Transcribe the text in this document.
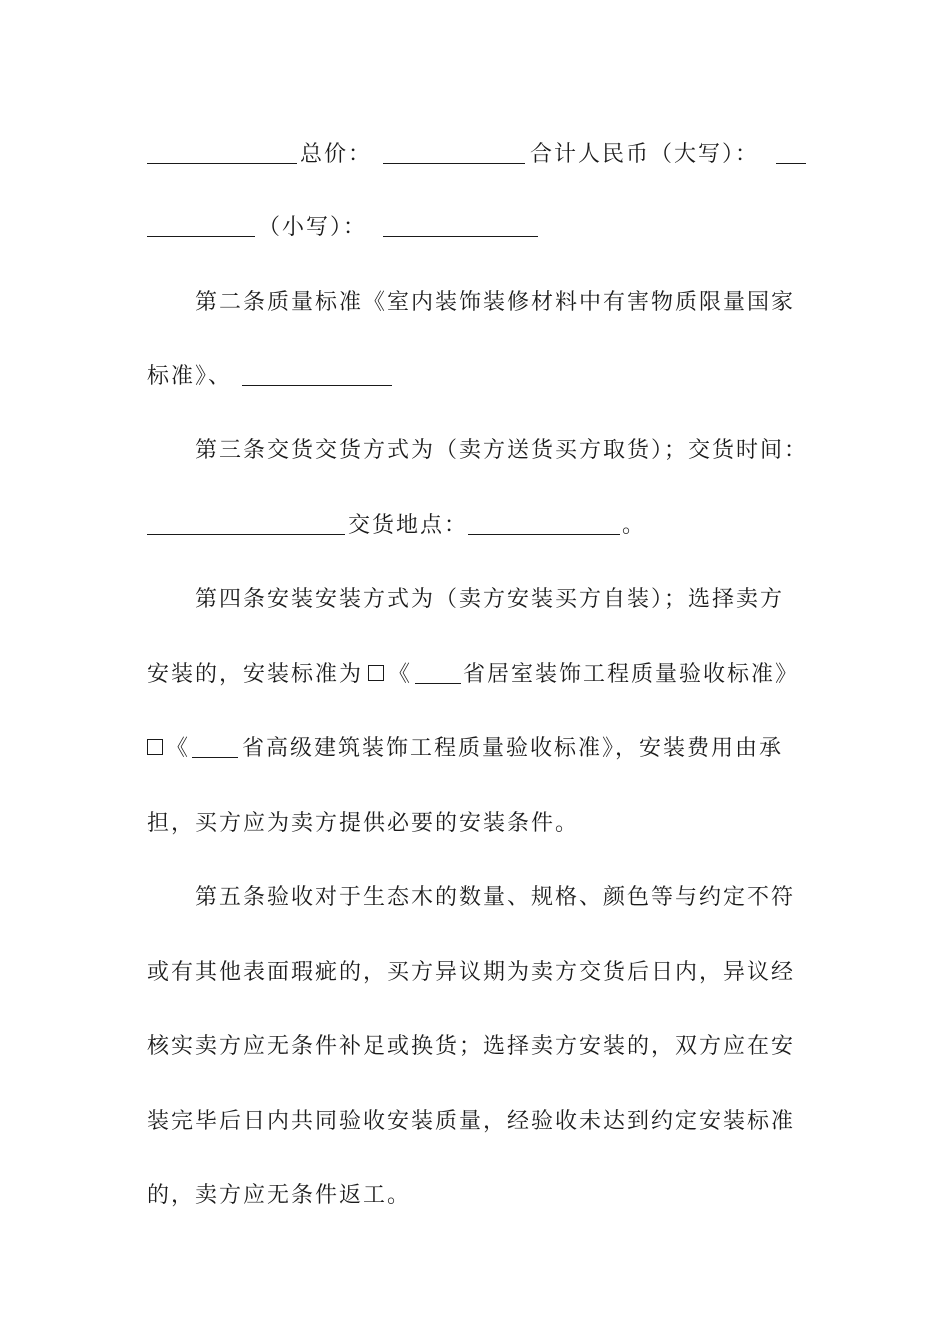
总价：

	合计人民币（大写）：

（小写）：

第二条质量标准《室内装饰装修材料中有害物质限量国家

标准》、

第三条交货交货方式为（卖方送货买方取货）；交货时间：

交货地点：

	。

第四条安装安装方式为（卖方安装买方自装）；选择卖方

安装的，安装标准为

《

省居室装饰工程质量验收标准》

《

省高级建筑装饰工程质量验收标准》，安装费用由承

担，买方应为卖方提供必要的安装条件。

第五条验收对于生态木的数量、规格、颜色等与约定不符

或有其他表面瑕疵的，买方异议期为卖方交货后日内，异议经

核实卖方应无条件补足或换货；选择卖方安装的，双方应在安

装完毕后日内共同验收安装质量，经验收未达到约定安装标准

的，卖方应无条件返工。
